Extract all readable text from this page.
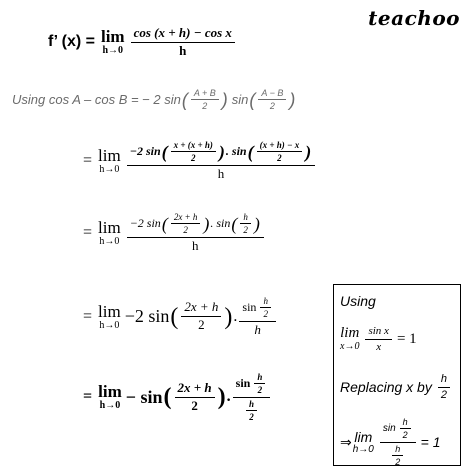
teachoo
f’ (x) = lim
$h\to 0 \frac{\text{cos (x + h) − cos x}}{h}$
Using cos A – cos B = − 2 sin ( $\frac{A + B}{2}$ ) sin ( $\frac{A - B}{2}$ )
= lim
h→0
−2 sin ( $\frac{x + (x + h)}{2}$ ) . sin ( $\frac{(x + h) - x}{2}$ )
h
= lim
h→0
−2 sin ( $\frac{2x + h}{2}$ ) . sin ( $\frac{h}{2}$ )
h
= lim
h→0 −2 sin ( $\frac{2x + h}{2}$ ) . $\frac{\sin \frac{h}{2}}{h}$
= lim
h→0 − sin ( $\frac{2x + h}{2}$ ) . $\frac{\sin \frac{h}{2}}{\frac{h}{2}}$
Using
lim
$x\to 0 \frac{\text{sin x}}{x} = 1$
Replacing x by $\frac{h}{2}$
⇒ lim
$h\to 0 \frac{\sin \frac{h}{2}}{\frac{h}{2}} = 1$
